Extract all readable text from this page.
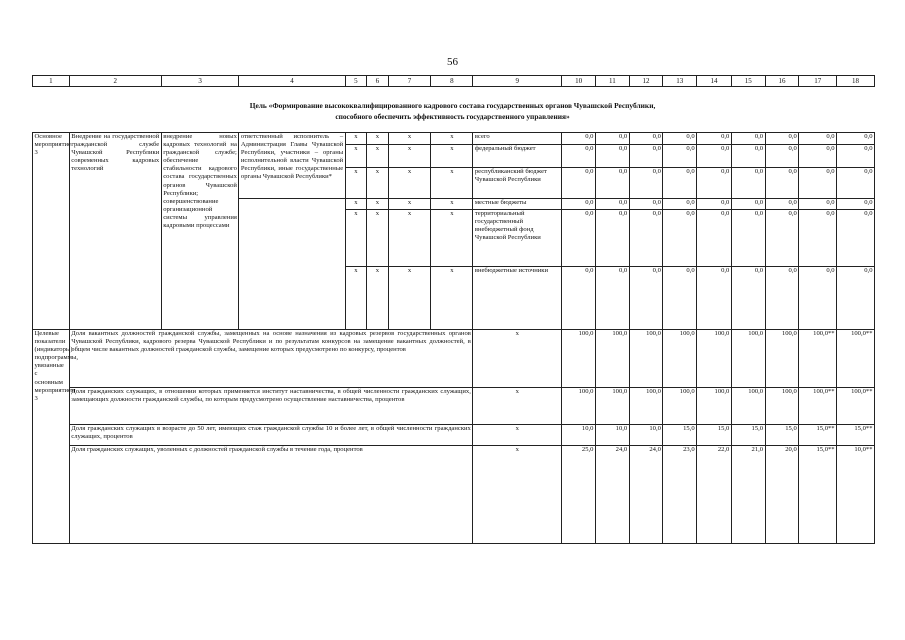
56
1	2	3	4	5	6	7	8	9	10	11	12	13	14	15	16	17	18
Цель «Формирование высококвалифицированного кадрового состава государственных органов Чувашской Республики,
способного обеспечить эффективность государственного управления»
Основное мероприятие 3	Внедрение на государственной гражданской службе Чувашской Республики современных кадровых технологий	внедрение новых кадровых технологий на гражданской службе; обеспечение стабильности кадрового состава государственных органов Чувашской Республики; совершенствование организационной системы управления кадровыми процессами	ответственный исполнитель – Администрация Главы Чувашской Республики, участники – органы исполнительной власти Чувашской Республики, иные государственные органы Чувашской Республики*	х	х	х	х	всего	0,0	0,0	0,0	0,0	0,0	0,0	0,0	0,0	0,0
				х	х	х	х	федеральный бюджет	0,0	0,0	0,0	0,0	0,0	0,0	0,0	0,0	0,0
				х	х	х	х	республиканский бюджет Чувашской Республики	0,0	0,0	0,0	0,0	0,0	0,0	0,0	0,0	0,0
				х	х	х	х	местные бюджеты	0,0	0,0	0,0	0,0	0,0	0,0	0,0	0,0	0,0
				х	х	х	х	территориальный государственный внебюджетный фонд Чувашской Республики	0,0	0,0	0,0	0,0	0,0	0,0	0,0	0,0	0,0
				х	х	х	х	внебюджетные источники	0,0	0,0	0,0	0,0	0,0	0,0	0,0	0,0	0,0
Целевые показатели (индикаторы) подпрограммы, увязанные с основным мероприятием 3	Доля вакантных должностей гражданской службы, замещенных на основе назначения из кадровых резервов государственных органов Чувашской Республики, кадрового резерва Чувашской Республики и по результатам конкурсов на замещение вакантных должностей, в общем числе вакантных должностей гражданской службы, замещение которых предусмотрено по конкурсу, процентов							х	100,0	100,0	100,0	100,0	100,0	100,0	100,0	100,0**	100,0**
	Доля гражданских служащих, в отношении которых применяется институт наставничества, в общей численности гражданских служащих, замещающих должности гражданской службы, по которым предусмотрено осуществление наставничества, процентов							х	100,0	100,0	100,0	100,0	100,0	100,0	100,0	100,0**	100,0**
	Доля гражданских служащих в возрасте до 50 лет, имеющих стаж гражданской службы 10 и более лет, в общей численности гражданских служащих, процентов							х	10,0	10,0	10,0	15,0	15,0	15,0	15,0	15,0**	15,0**
	Доля гражданских служащих, уволенных с должностей гражданской службы в течение года, процентов							х	25,0	24,0	24,0	23,0	22,0	21,0	20,0	15,0**	10,0**
